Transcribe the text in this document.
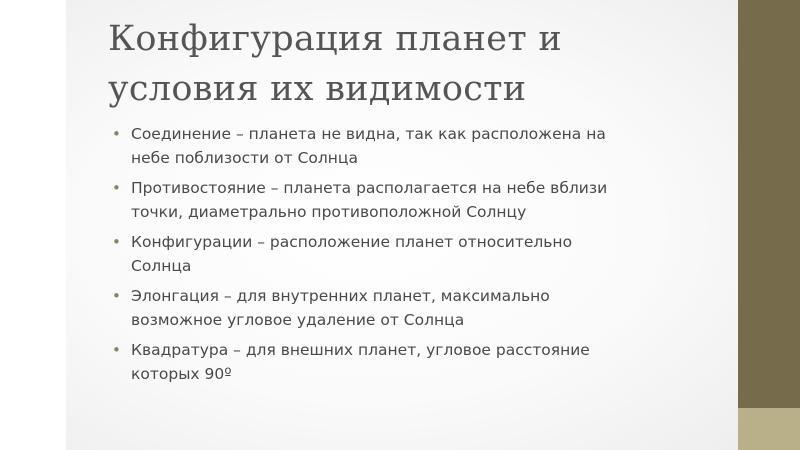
Конфигурация планет и
условия их видимости
• Соединение – планета не видна, так как расположена на
небе поблизости от Солнца
• Противостояние – планета располагается на небе вблизи
точки, диаметрально противоположной Солнцу
• Конфигурации – расположение планет относительно
Солнца
• Элонгация – для внутренних планет, максимально
возможное угловое удаление от Солнца
• Квадратура – для внешних планет, угловое расстояние
которых 90º
